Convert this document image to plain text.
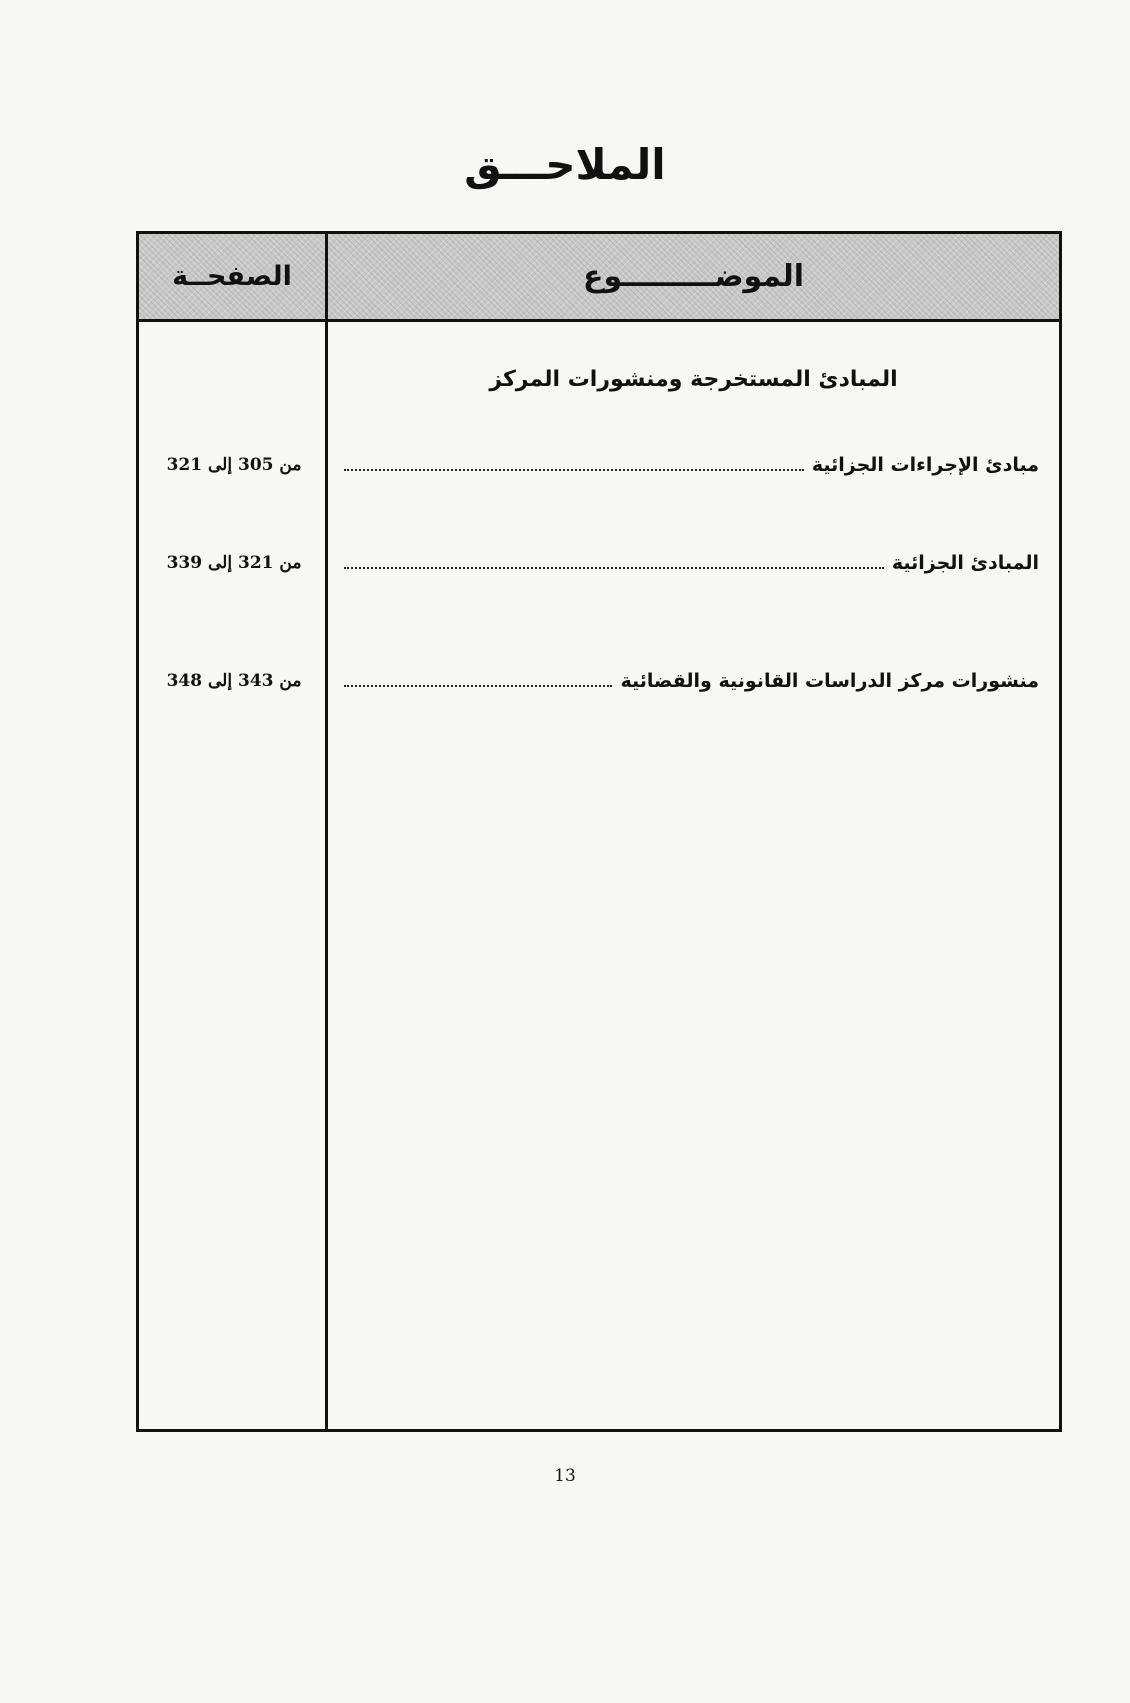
الملاحـــق
الصفحــة	الموضـــــــــوع
المبادئ المستخرجة ومنشورات المركز
مبادئ الإجراءات الجزائية
من 305 إلى 321
المبادئ الجزائية
من 321 إلى 339
منشورات مركز الدراسات القانونية والقضائية
من 343 إلى 348
13
